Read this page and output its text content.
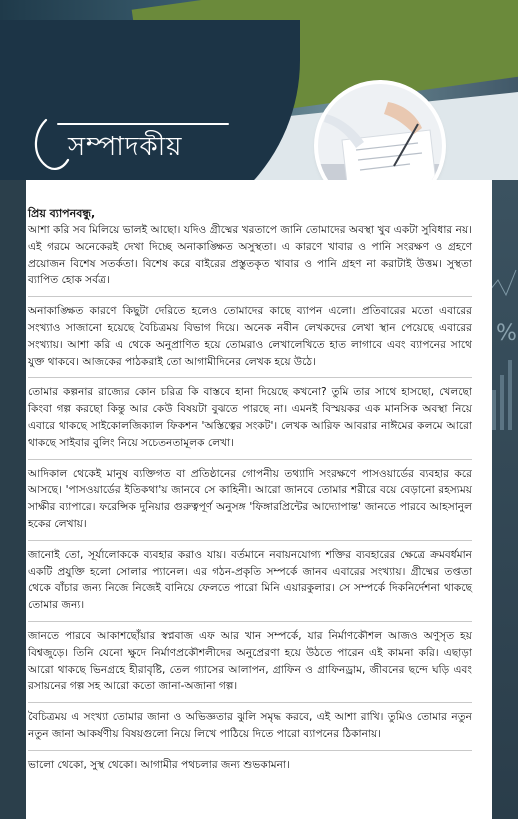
%
সম্পাদকীয়

প্রিয় ব্যাপনবন্ধু,

আশা করি সব মিলিয়ে ভালই আছো। যদিও গ্রীষ্মের খরতাপে জানি তোমাদের অবস্থা খুব একটা সুবিধার নয়। এই গরমে অনেকেরই দেখা দিচ্ছে অনাকাঙ্ক্ষিত অসুস্থতা। এ কারণে খাবার ও পানি সংরক্ষণ ও গ্রহণে প্রয়োজন বিশেষ সতর্কতা। বিশেষ করে বাইরের প্রস্তুতকৃত খাবার ও পানি গ্রহণ না করাটাই উত্তম। সুস্থতা ব্যাপিত হোক সর্বত্র।

অনাকাঙ্ক্ষিত কারণে কিছুটা দেরিতে হলেও তোমাদের কাছে ব্যাপন এলো। প্রতিবারের মতো এবারের সংখ্যাও সাজানো হয়েছে বৈচিত্রময় বিভাগ দিয়ে। অনেক নবীন লেখকদের লেখা স্থান পেয়েছে এবারের সংখ্যায়। আশা করি এ থেকে অনুপ্রাণিত হয়ে তোমরাও লেখালেখিতে হাত লাগাবে এবং ব্যাপনের সাথে যুক্ত থাকবে। আজকের পাঠকরাই তো আগামীদিনের লেখক হয়ে উঠে।

তোমার কল্পনার রাজ্যের কোন চরিত্র কি বাস্তবে হানা দিয়েছে কখনো? তুমি তার সাথে হাসছো, খেলছো কিংবা গল্প করছো কিন্তু আর কেউ বিষয়টা বুঝতে পারছে না। এমনই বিস্ময়কর এক মানসিক অবস্থা নিয়ে এবারে থাকছে সাইকোলজিক্যাল ফিকশন 'অস্তিত্বের সংকট'। লেখক আরিফ আবরার নাঈমের কলমে আরো থাকছে সাইবার বুলিং নিয়ে সচেতনতামূলক লেখা।

আদিকাল থেকেই মানুষ ব্যক্তিগত বা প্রতিষ্ঠানের গোপনীয় তথ্যাদি সংরক্ষণে পাসওয়ার্ডের ব্যবহার করে আসছে। 'পাসওয়ার্ডের ইতিকথা'য় জানবে সে কাহিনী। আরো জানবে তোমার শরীরে বয়ে বেড়ানো রহস্যময় সাক্ষীর ব্যাপারে। ফরেন্সিক দুনিয়ার গুরুত্বপূর্ণ অনুসঙ্গ 'ফিঙ্গারপ্রিন্টের আদ্যোপান্ত' জানতে পারবে আহসানুল হকের লেখায়।

জানোই তো, সূর্যালোককে ব্যবহার করাও যায়। বর্তমানে নবায়নযোগ্য শক্তির ব্যবহারের ক্ষেত্রে ক্রমবর্ধমান একটি প্রযুক্তি হলো সোলার প্যানেল। এর গঠন-প্রকৃতি সম্পর্কে জানব এবারের সংখ্যায়। গ্রীষ্মের তপ্ততা থেকে বাঁচার জন্য নিজে নিজেই বানিয়ে ফেলতে পারো মিনি এয়ারকুলার। সে সম্পর্কে দিকনির্দেশনা থাকছে তোমার জন্য।

জানতে পারবে আকাশছোঁয়ার স্বপ্নবাজ এফ আর খান সম্পর্কে, যার নির্মাণকৌশল আজও অণুসৃত হয় বিশ্বজুড়ে। তিনি যেনো ক্ষুদে নির্মাণপ্রকৌশলীদের অনুপ্রেরণা হয়ে উঠতে পারেন এই কামনা করি। এছাড়া আরো থাকছে ভিনগ্রহে হীরাবৃষ্টি, তেল গ্যাসের আলাপন, গ্রাফিন ও গ্রাফিনড্রাম, জীবনের ছন্দে ঘড়ি এবং রসায়নের গল্প সহ আরো কতো জানা-অজানা গল্প।

বৈচিত্রময় এ সংখ্যা তোমার জানা ও অভিজ্ঞতার ঝুলি সমৃদ্ধ করবে, এই আশা রাখি। তুমিও তোমার নতুন নতুন জানা আকর্ষণীয় বিষয়গুলো নিয়ে লিখে পাঠিয়ে দিতে পারো ব্যাপনের ঠিকানায়।

ভালো থেকো, সুস্থ থেকো। আগামীর পথচলার জন্য শুভকামনা।
